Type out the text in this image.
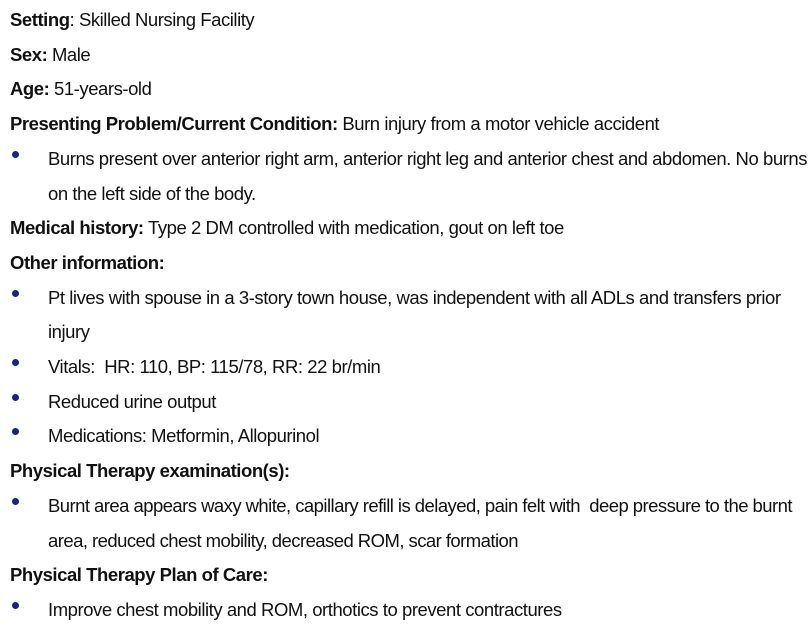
Setting: Skilled Nursing Facility
Sex: Male
Age: 51-years-old
Presenting Problem/Current Condition: Burn injury from a motor vehicle accident
Burns present over anterior right arm, anterior right leg and anterior chest and abdomen. No burns on the left side of the body.
Medical history: Type 2 DM controlled with medication, gout on left toe
Other information:
Pt lives with spouse in a 3-story town house, was independent with all ADLs and transfers prior injury
Vitals:  HR: 110, BP: 115/78, RR: 22 br/min
Reduced urine output
Medications: Metformin, Allopurinol
Physical Therapy examination(s):
Burnt area appears waxy white, capillary refill is delayed, pain felt with  deep pressure to the burnt area, reduced chest mobility, decreased ROM, scar formation
Physical Therapy Plan of Care:
Improve chest mobility and ROM, orthotics to prevent contractures
